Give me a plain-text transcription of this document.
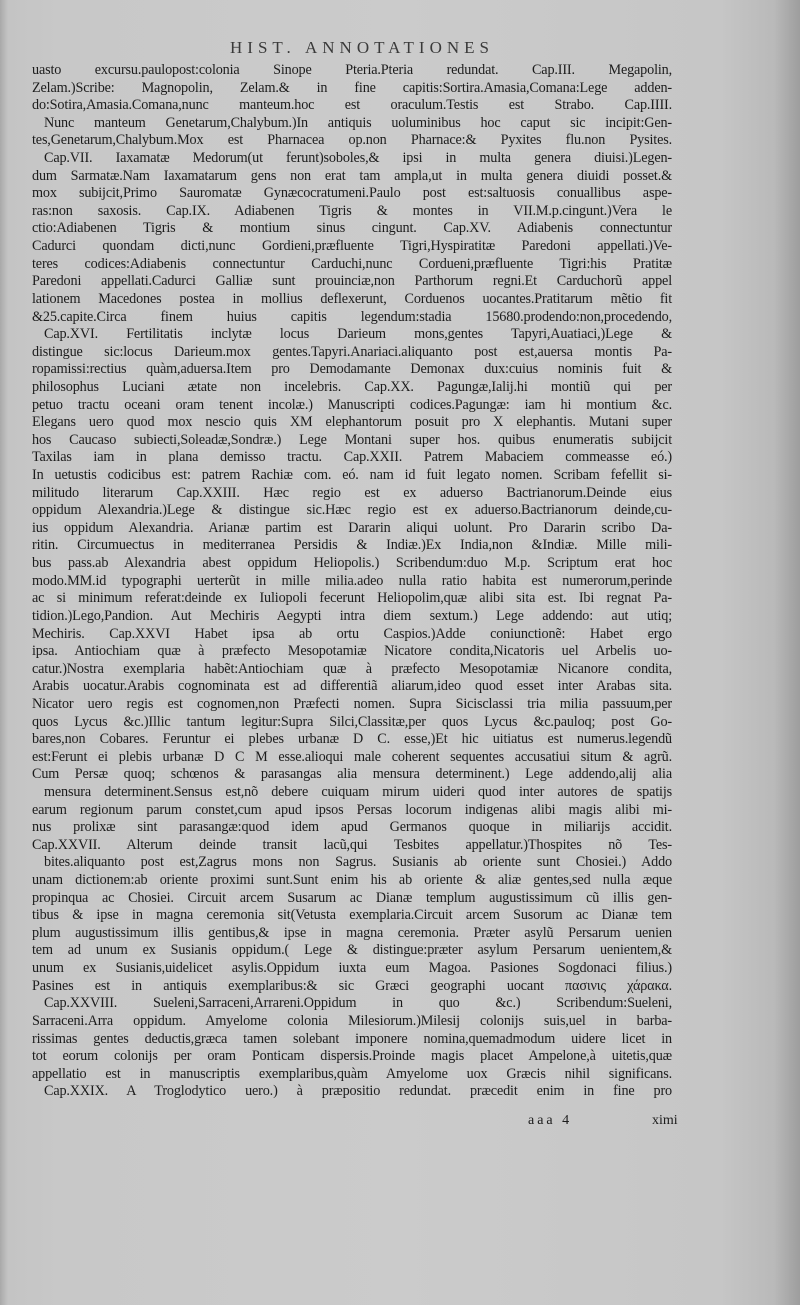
HIST. ANNOTATIONES
uasto excursu.paulopost:colonia Sinope Pteria.Pteria redundat. Cap.III. Megapolin,
Zelam.)Scribe: Magnopolin, Zelam.& in fine capitis:Sortira.Amasia,Comana:Lege adden-
do:Sotira,Amasia.Comana,nunc manteum.hoc est oraculum.Testis est Strabo. Cap.IIII.
Nunc manteum Genetarum,Chalybum.)In antiquis uoluminibus hoc caput sic incipit:Gen-
tes,Genetarum,Chalybum.Mox est Pharnacea op.non Pharnace:& Pyxites flu.non Pysites.
Cap.VII. Iaxamatæ Medorum(ut ferunt)soboles,& ipsi in multa genera diuisi.)Legen-
dum Sarmatæ.Nam Iaxamatarum gens non erat tam ampla,ut in multa genera diuidi posset.&
mox subijcit,Primo Sauromatæ Gynæcocratumeni.Paulo post est:saltuosis conuallibus aspe-
ras:non saxosis. Cap.IX. Adiabenen Tigris & montes in VII.M.p.cingunt.)Vera le
ctio:Adiabenen Tigris & montium sinus cingunt. Cap.XV. Adiabenis connectuntur
Cadurci quondam dicti,nunc Gordieni,præfluente Tigri,Hyspiratitæ Paredoni appellati.)Ve-
teres codices:Adiabenis connectuntur Carduchi,nunc Cordueni,præfluente Tigri:his Pratitæ
Paredoni appellati.Cadurci Galliæ sunt prouinciæ,non Parthorum regni.Et Carduchorũ appel
lationem Macedones postea in mollius deflexerunt, Corduenos uocantes.Pratitarum mẽtio fit
&25.capite.Circa finem huius capitis legendum:stadia 15680.prodendo:non,procedendo,
Cap.XVI. Fertilitatis inclytæ locus Darieum mons,gentes Tapyri,Auatiaci,)Lege &
distingue sic:locus Darieum.mox gentes.Tapyri.Anariaci.aliquanto post est,auersa montis Pa-
ropamissi:rectius quàm,aduersa.Item pro Demodamante Demonax dux:cuius nominis fuit &
philosophus Luciani ætate non incelebris. Cap.XX. Pagungæ,Ialij.hi montiũ qui per
petuo tractu oceani oram tenent incolæ.) Manuscripti codices.Pagungæ: iam hi montium &c.
Elegans uero quod mox nescio quis XM elephantorum posuit pro X elephantis. Mutani super
hos Caucaso subiecti,Soleadæ,Sondræ.) Lege Montani super hos. quibus enumeratis subijcit
Taxilas iam in plana demisso tractu. Cap.XXII. Patrem Mabaciem commeasse eó.)
In uetustis codicibus est: patrem Rachiæ com. eó. nam id fuit legato nomen. Scribam fefellit si-
militudo literarum Cap.XXIII. Hæc regio est ex aduerso Bactrianorum.Deinde eius
oppidum Alexandria.)Lege & distingue sic.Hæc regio est ex aduerso.Bactrianorum deinde,cu-
ius oppidum Alexandria. Arianæ partim est Dararin aliqui uolunt. Pro Dararin scribo Da-
ritin. Circumuectus in mediterranea Persidis & Indiæ.)Ex India,non &Indiæ. Mille mili-
bus pass.ab Alexandria abest oppidum Heliopolis.) Scribendum:duo M.p. Scriptum erat hoc
modo.MM.id typographi uerterũt in mille milia.adeo nulla ratio habita est numerorum,perinde
ac si minimum referat:deinde ex Iuliopoli fecerunt Heliopolim,quæ alibi sita est. Ibi regnat Pa-
tidion.)Lego,Pandion. Aut Mechiris Aegypti intra diem sextum.) Lege addendo: aut utiq;
Mechiris. Cap.XXVI Habet ipsa ab ortu Caspios.)Adde coniunctionẽ: Habet ergo
ipsa. Antiochiam quæ à præfecto Mesopotamiæ Nicatore condita,Nicatoris uel Arbelis uo-
catur.)Nostra exemplaria habẽt:Antiochiam quæ à præfecto Mesopotamiæ Nicanore condita,
Arabis uocatur.Arabis cognominata est ad differentiã aliarum,ideo quod esset inter Arabas sita.
Nicator uero regis est cognomen,non Præfecti nomen. Supra Sicisclassi tria milia passuum,per
quos Lycus &c.)Illic tantum legitur:Supra Silci,Classitæ,per quos Lycus &c.pauloq; post Go-
bares,non Cobares. Feruntur ei plebes urbanæ D C. esse,)Et hic uitiatus est numerus.legendũ
est:Ferunt ei plebis urbanæ D C M esse.alioqui male coherent sequentes accusatiui situm & agrũ.
Cum Persæ quoq; schœnos & parasangas alia mensura determinent.) Lege addendo,alij alia
mensura determinent.Sensus est,nõ debere cuiquam mirum uideri quod inter autores de spatijs
earum regionum parum constet,cum apud ipsos Persas locorum indigenas alibi magis alibi mi-
nus prolixæ sint parasangæ:quod idem apud Germanos quoque in miliarijs accidit.
Cap.XXVII. Alterum deinde transit lacũ,qui Tesbites appellatur.)Thospites nõ Tes-
bites.aliquanto post est,Zagrus mons non Sagrus. Susianis ab oriente sunt Chosiei.) Addo
unam dictionem:ab oriente proximi sunt.Sunt enim his ab oriente & aliæ gentes,sed nulla æque
propinqua ac Chosiei. Circuit arcem Susarum ac Dianæ templum augustissimum cũ illis gen-
tibus & ipse in magna ceremonia sit(Vetusta exemplaria.Circuit arcem Susorum ac Dianæ tem
plum augustissimum illis gentibus,& ipse in magna ceremonia. Præter asylũ Persarum uenien
tem ad unum ex Susianis oppidum.( Lege & distingue:præter asylum Persarum uenientem,&
unum ex Susianis,uidelicet asylis.Oppidum iuxta eum Magoa. Pasiones Sogdonaci filius.)
Pasines est in antiquis exemplaribus:& sic Græci geographi uocant πασινις χάρακα.
Cap.XXVIII. Sueleni,Sarraceni,Arrareni.Oppidum in quo &c.) Scribendum:Sueleni,
Sarraceni.Arra oppidum. Amyelome colonia Milesiorum.)Milesij colonijs suis,uel in barba-
rissimas gentes deductis,græca tamen solebant imponere nomina,quemadmodum uidere licet in
tot eorum colonijs per oram Ponticam dispersis.Proinde magis placet Ampelone,à uitetis,quæ
appellatio est in manuscriptis exemplaribus,quàm Amyelome uox Græcis nihil significans.
Cap.XXIX. A Troglodytico uero.) à præpositio redundat. præcedit enim in fine pro
aaa 4	ximi
